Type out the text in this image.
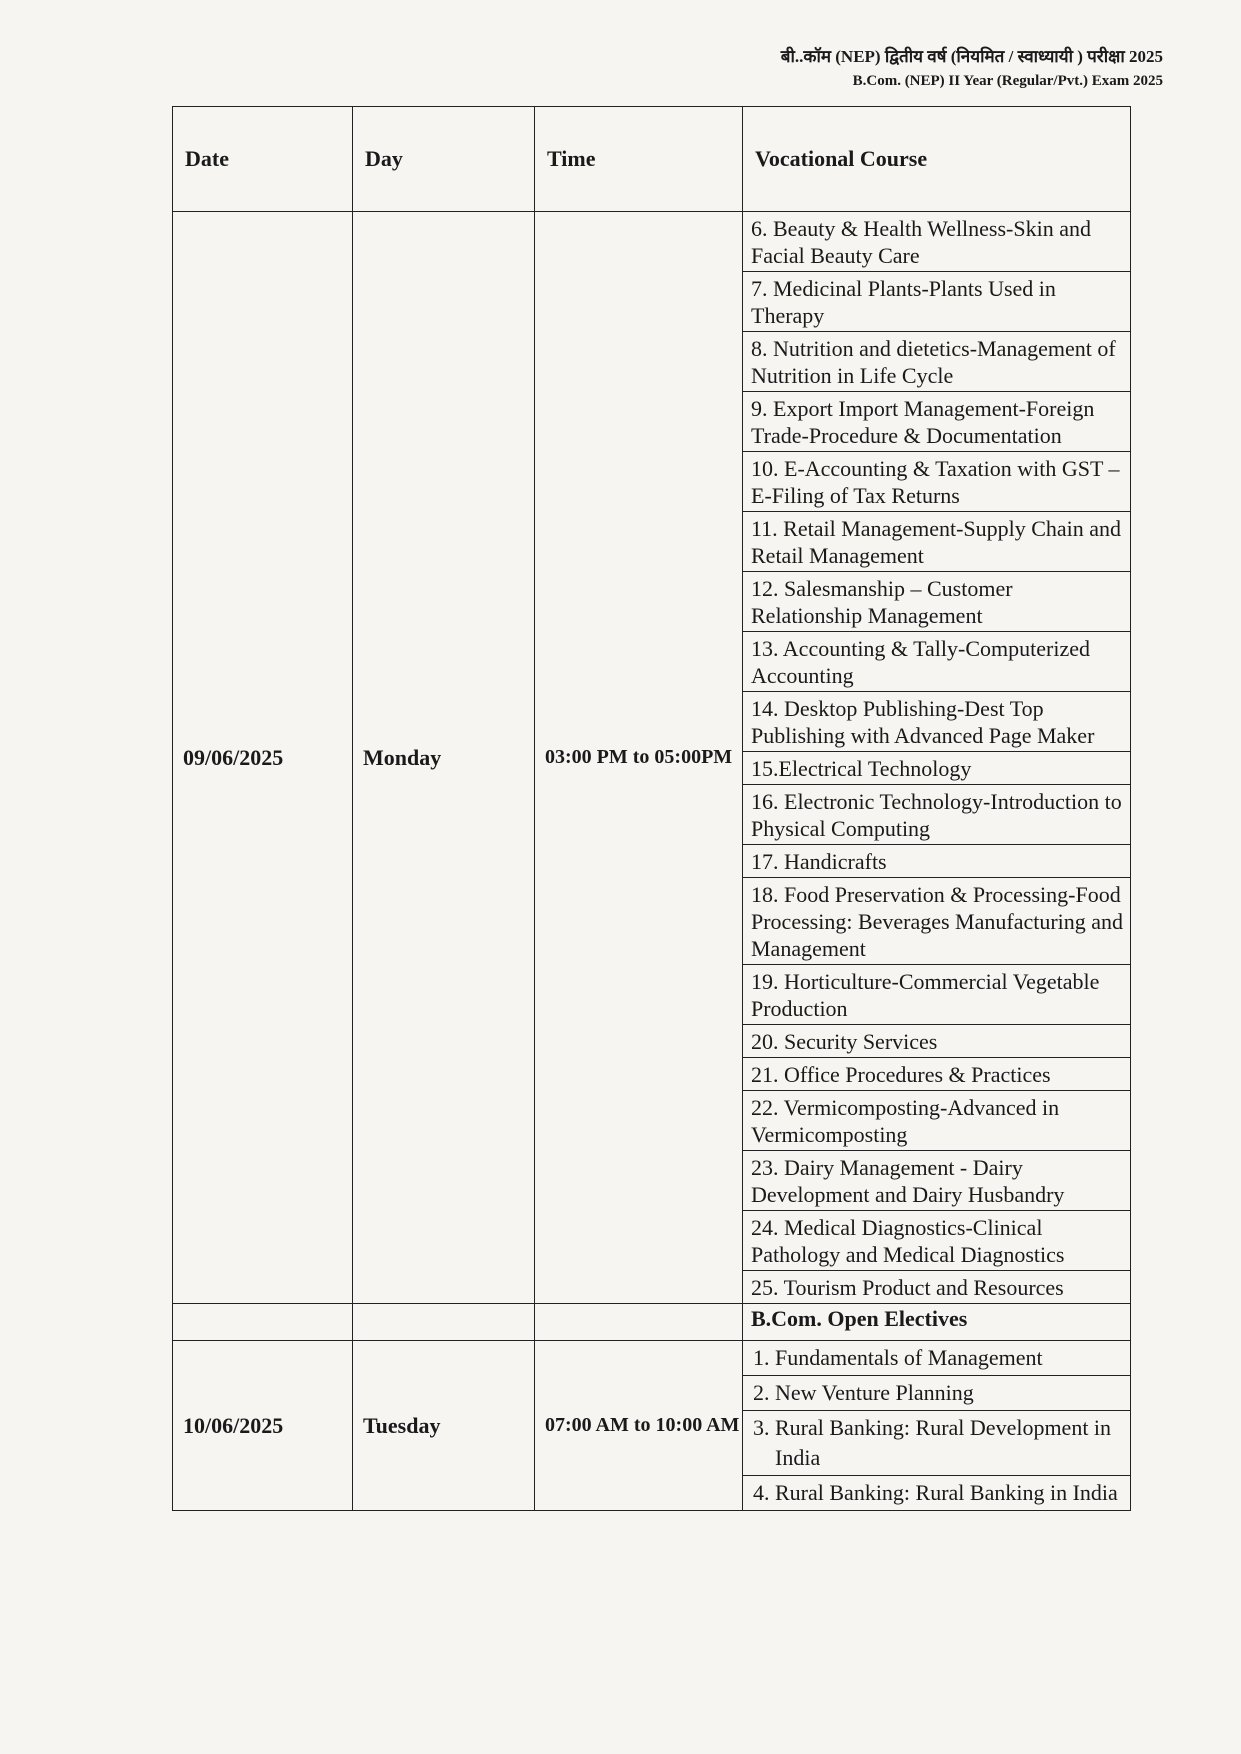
बी..कॉम (NEP) द्वितीय वर्ष (नियमित / स्वाध्यायी ) परीक्षा 2025
B.Com. (NEP) II Year (Regular/Pvt.) Exam 2025
Date	Day	Time	Vocational Course
09/06/2025	Monday	03:00 PM to 05:00PM	6. Beauty & Health Wellness-Skin and Facial Beauty Care
			7. Medicinal Plants-Plants Used in Therapy
			8. Nutrition and dietetics-Management of Nutrition in Life Cycle
			9. Export Import Management-Foreign Trade-Procedure & Documentation
			10. E-Accounting & Taxation with GST – E-Filing of Tax Returns
			11. Retail Management-Supply Chain and Retail Management
			12. Salesmanship – Customer Relationship Management
			13. Accounting & Tally-Computerized Accounting
			14. Desktop Publishing-Dest Top Publishing with Advanced Page Maker
			15.Electrical Technology
			16. Electronic Technology-Introduction to Physical Computing
			17. Handicrafts
			18. Food Preservation & Processing-Food Processing: Beverages Manufacturing and Management
			19. Horticulture-Commercial Vegetable Production
			20. Security Services
			21. Office Procedures & Practices
			22. Vermicomposting-Advanced in Vermicomposting
			23. Dairy Management - Dairy Development and Dairy Husbandry
			24. Medical Diagnostics-Clinical Pathology and Medical Diagnostics
			25. Tourism Product and Resources
			B.Com. Open Electives
10/06/2025	Tuesday	07:00 AM to 10:00 AM	1. Fundamentals of Management
			2. New Venture Planning
			3. Rural Banking: Rural Development in India
			4. Rural Banking: Rural Banking in India
